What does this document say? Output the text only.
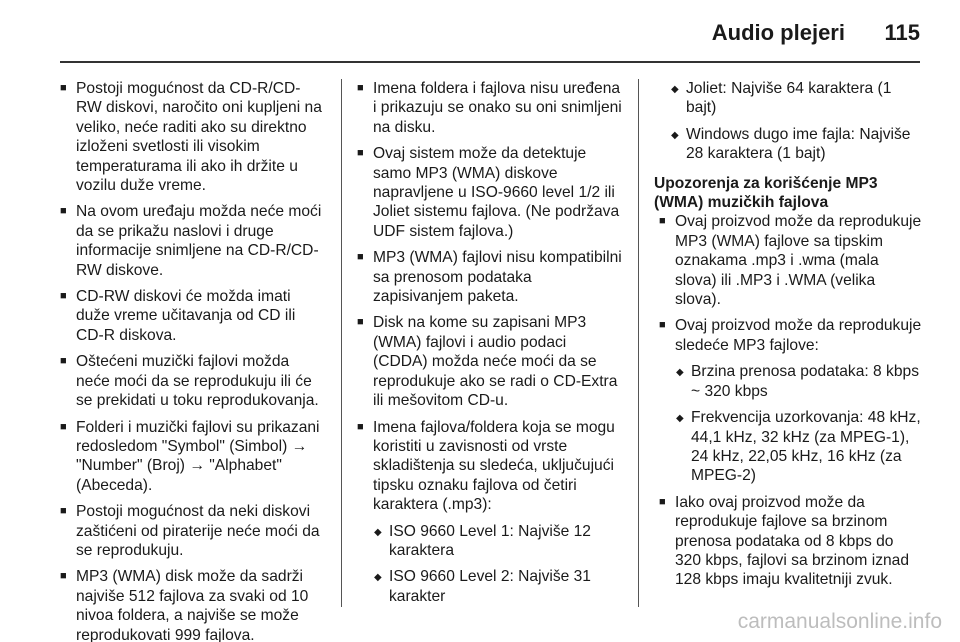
Audio plejeri 115
■ Postoji mogućnost da CD-R/CD-RW diskovi, naročito oni kupljeni na veliko, neće raditi ako su direktno izloženi svetlosti ili visokim temperaturama ili ako ih držite u vozilu duže vreme.
■ Na ovom uređaju možda neće moći da se prikažu naslovi i druge informacije snimljene na CD-R/CD-RW diskove.
■ CD-RW diskovi će možda imati duže vreme učitavanja od CD ili CD-R diskova.
■ Oštećeni muzički fajlovi možda neće moći da se reprodukuju ili će se prekidati u toku reprodukovanja.
■ Folderi i muzički fajlovi su prikazani redosledom "Symbol" (Simbol) → "Number" (Broj) → "Alphabet" (Abeceda).
■ Postoji mogućnost da neki diskovi zaštićeni od piraterije neće moći da se reprodukuju.
■ MP3 (WMA) disk može da sadrži najviše 512 fajlova za svaki od 10 nivoa foldera, a najviše se može reprodukovati 999 fajlova.
■ Imena foldera i fajlova nisu uređena i prikazuju se onako su oni snimljeni na disku.
■ Ovaj sistem može da detektuje samo MP3 (WMA) diskove napravljene u ISO-9660 level 1/2 ili Joliet sistemu fajlova. (Ne podržava UDF sistem fajlova.)
■ MP3 (WMA) fajlovi nisu kompatibilni sa prenosom podataka zapisivanjem paketa.
■ Disk na kome su zapisani MP3 (WMA) fajlovi i audio podaci (CDDA) možda neće moći da se reprodukuje ako se radi o CD-Extra ili mešovitom CD-u.
■ Imena fajlova/foldera koja se mogu koristiti u zavisnosti od vrste skladištenja su sledeća, uključujući tipsku oznaku fajlova od četiri karaktera (.mp3):
◆ ISO 9660 Level 1: Najviše 12 karaktera
◆ ISO 9660 Level 2: Najviše 31 karakter
◆ Joliet: Najviše 64 karaktera (1 bajt)
◆ Windows dugo ime fajla: Najviše 28 karaktera (1 bajt)
Upozorenja za korišćenje MP3 (WMA) muzičkih fajlova
■ Ovaj proizvod može da reprodukuje MP3 (WMA) fajlove sa tipskim oznakama .mp3 i .wma (mala slova) ili .MP3 i .WMA (velika slova).
■ Ovaj proizvod može da reprodukuje sledeće MP3 fajlove:
◆ Brzina prenosa podataka: 8 kbps ~ 320 kbps
◆ Frekvencija uzorkovanja: 48 kHz, 44,1 kHz, 32 kHz (za MPEG-1), 24 kHz, 22,05 kHz, 16 kHz (za MPEG-2)
■ Iako ovaj proizvod može da reprodukuje fajlove sa brzinom prenosa podataka od 8 kbps do 320 kbps, fajlovi sa brzinom iznad 128 kbps imaju kvalitetniji zvuk.
carmanualsonline.info
